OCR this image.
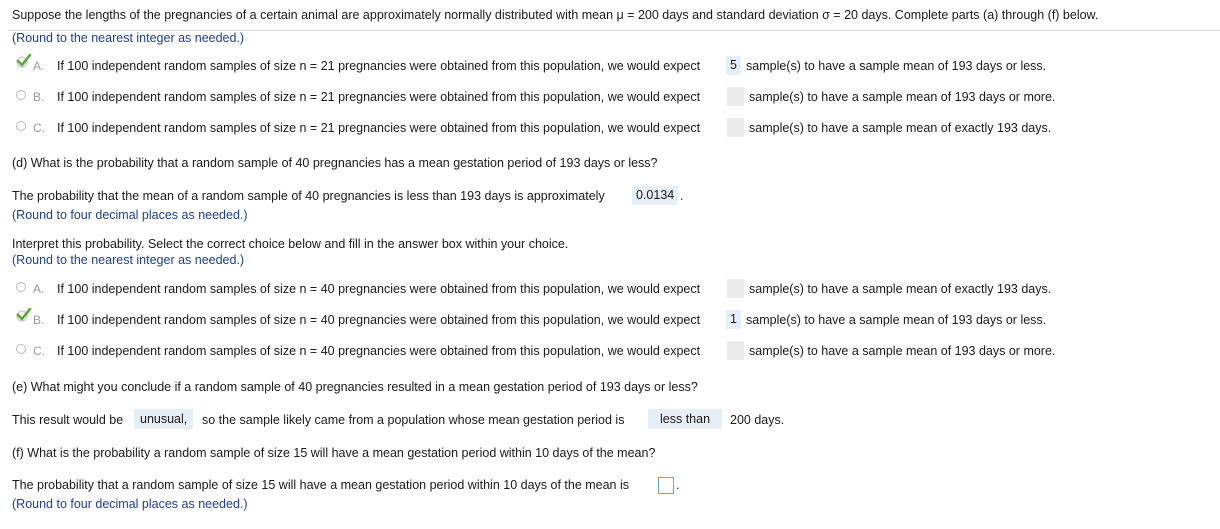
Suppose the lengths of the pregnancies of a certain animal are approximately normally distributed with mean μ = 200 days and standard deviation σ = 20 days. Complete parts (a) through (f) below.
(Round to the nearest integer as needed.)
A. If 100 independent random samples of size n = 21 pregnancies were obtained from this population, we would expect	5 sample(s) to have a sample mean of 193 days or less.
B. If 100 independent random samples of size n = 21 pregnancies were obtained from this population, we would expect	sample(s) to have a sample mean of 193 days or more.
C. If 100 independent random samples of size n = 21 pregnancies were obtained from this population, we would expect	sample(s) to have a sample mean of exactly 193 days.
(d) What is the probability that a random sample of 40 pregnancies has a mean gestation period of 193 days or less?
The probability that the mean of a random sample of 40 pregnancies is less than 193 days is approximately	0.0134 .
(Round to four decimal places as needed.)
Interpret this probability. Select the correct choice below and fill in the answer box within your choice.
(Round to the nearest integer as needed.)
A. If 100 independent random samples of size n = 40 pregnancies were obtained from this population, we would expect	sample(s) to have a sample mean of exactly 193 days.
B. If 100 independent random samples of size n = 40 pregnancies were obtained from this population, we would expect	1 sample(s) to have a sample mean of 193 days or less.
C. If 100 independent random samples of size n = 40 pregnancies were obtained from this population, we would expect	sample(s) to have a sample mean of 193 days or more.
(e) What might you conclude if a random sample of 40 pregnancies resulted in a mean gestation period of 193 days or less?
This result would be	unusual,	so the sample likely came from a population whose mean gestation period is	less than	200 days.
(f) What is the probability a random sample of size 15 will have a mean gestation period within 10 days of the mean?
The probability that a random sample of size 15 will have a mean gestation period within 10 days of the mean is	.
(Round to four decimal places as needed.)
